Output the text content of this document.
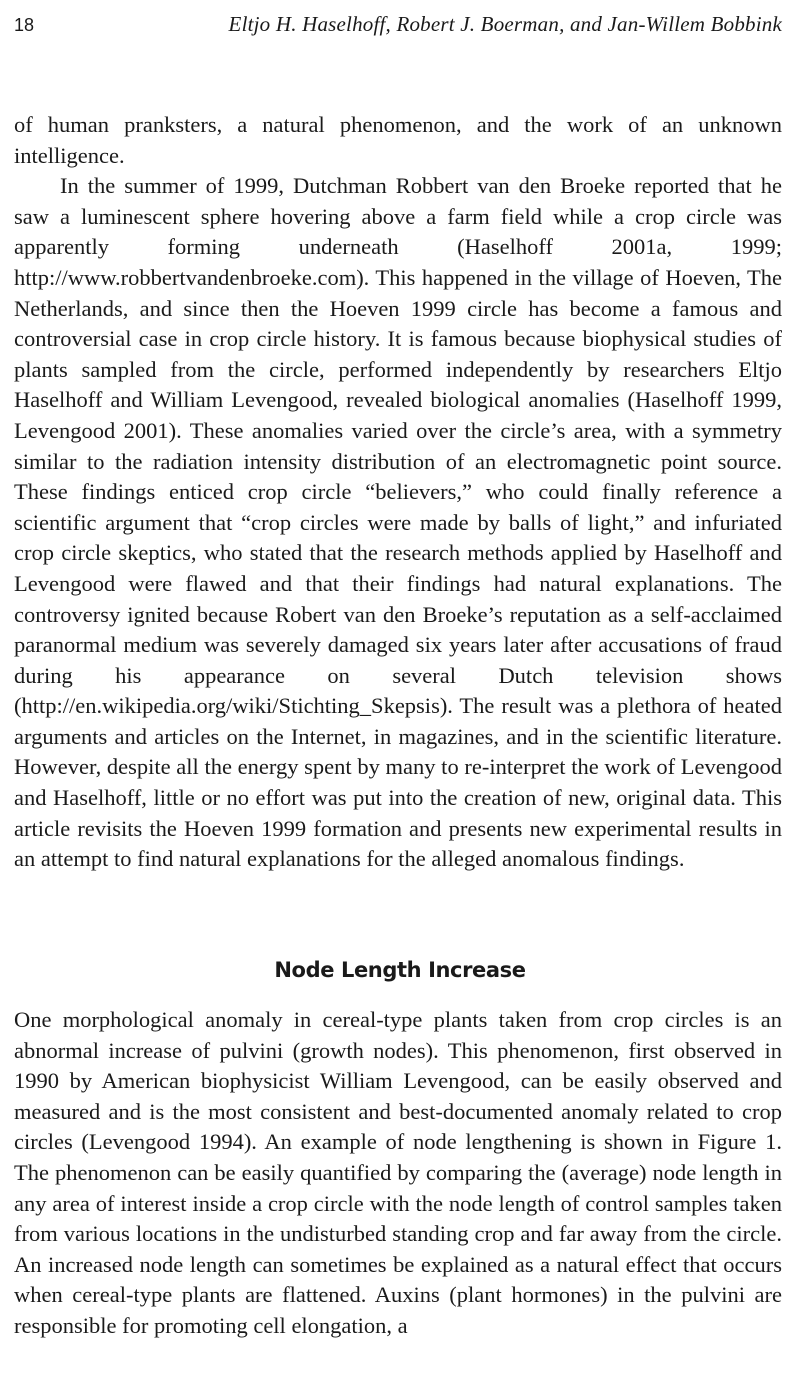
18	Eltjo H. Haselhoff, Robert J. Boerman, and Jan-Willem Bobbink

of human pranksters, a natural phenomenon, and the work of an unknown intelligence.

In the summer of 1999, Dutchman Robbert van den Broeke reported that he saw a luminescent sphere hovering above a farm field while a crop circle was apparently forming underneath (Haselhoff 2001a, 1999; http://www.robbertvandenbroeke.com). This happened in the village of Hoeven, The Netherlands, and since then the Hoeven 1999 circle has become a famous and controversial case in crop circle history. It is famous because biophysical studies of plants sampled from the circle, performed independently by researchers Eltjo Haselhoff and William Levengood, revealed biological anomalies (Haselhoff 1999, Levengood 2001). These anomalies varied over the circle’s area, with a symmetry similar to the radiation intensity distribution of an electromagnetic point source. These findings enticed crop circle “believers,” who could finally reference a scientific argument that “crop circles were made by balls of light,” and infuriated crop circle skeptics, who stated that the research methods applied by Haselhoff and Levengood were flawed and that their findings had natural explanations. The controversy ignited because Robert van den Broeke’s reputation as a self-acclaimed paranormal medium was severely damaged six years later after accusations of fraud during his appearance on several Dutch television shows (http://en.wikipedia.org/wiki/Stichting_Skepsis). The result was a plethora of heated arguments and articles on the Internet, in magazines, and in the scientific literature. However, despite all the energy spent by many to re-interpret the work of Levengood and Haselhoff, little or no effort was put into the creation of new, original data. This article revisits the Hoeven 1999 formation and presents new experimental results in an attempt to find natural explanations for the alleged anomalous findings.

Node Length Increase

One morphological anomaly in cereal-type plants taken from crop circles is an abnormal increase of pulvini (growth nodes). This phenomenon, first observed in 1990 by American biophysicist William Levengood, can be easily observed and measured and is the most consistent and best-documented anomaly related to crop circles (Levengood 1994). An example of node lengthening is shown in Figure 1. The phenomenon can be easily quantified by comparing the (average) node length in any area of interest inside a crop circle with the node length of control samples taken from various locations in the undisturbed standing crop and far away from the circle. An increased node length can sometimes be explained as a natural effect that occurs when cereal-type plants are flattened. Auxins (plant hormones) in the pulvini are responsible for promoting cell elongation, a
